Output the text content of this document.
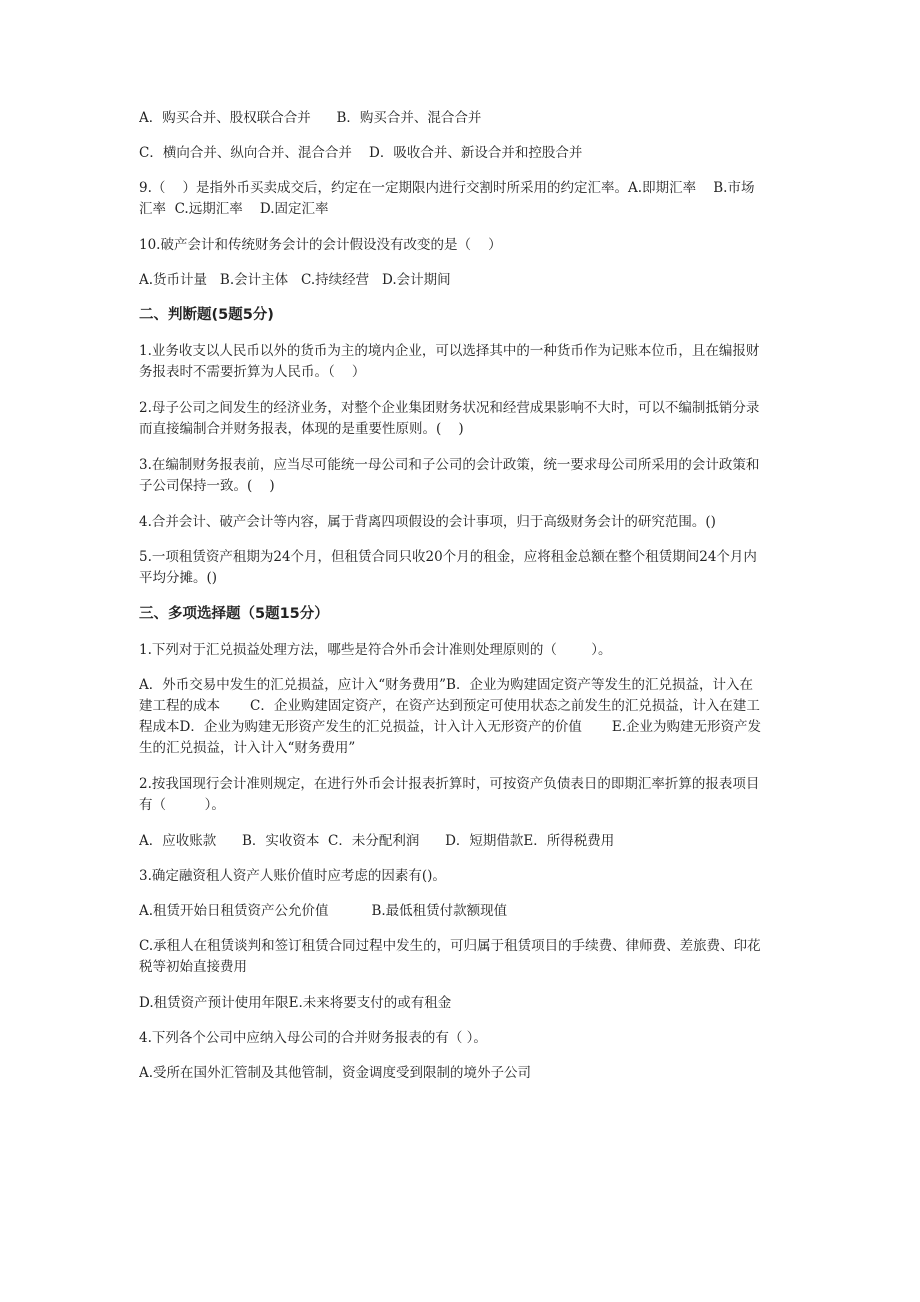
A．购买合并、股权联合合并      B．购买合并、混合合并
C．横向合并、纵向合并、混合合并    D．吸收合并、新设合并和控股合并
9.（    ）是指外币买卖成交后，约定在一定期限内进行交割时所采用的约定汇率。A.即期汇率    B.市场
汇率  C.远期汇率    D.固定汇率
10.破产会计和传统财务会计的会计假设没有改变的是（    ）
A.货币计量   B.会计主体   C.持续经营   D.会计期间
二、判断题(5题5分)
1.业务收支以人民币以外的货币为主的境内企业，可以选择其中的一种货币作为记账本位币，且在编报财
务报表时不需要折算为人民币。（    ）
2.母子公司之间发生的经济业务，对整个企业集团财务状况和经营成果影响不大时，可以不编制抵销分录
而直接编制合并财务报表，体现的是重要性原则。(    )
3.在编制财务报表前，应当尽可能统一母公司和子公司的会计政策，统一要求母公司所采用的会计政策和
子公司保持一致。(    )
4.合并会计、破产会计等内容，属于背离四项假设的会计事项，归于高级财务会计的研究范围。()
5.一项租赁资产租期为24个月，但租赁合同只收20个月的租金，应将租金总额在整个租赁期间24个月内
平均分摊。()
三、多项选择题（5题15分）
1.下列对于汇兑损益处理方法，哪些是符合外币会计准则处理原则的（        ）。
A．外币交易中发生的汇兑损益，应计入“财务费用”B．企业为购建固定资产等发生的汇兑损益，计入在
建工程的成本       C．企业购建固定资产，在资产达到预定可使用状态之前发生的汇兑损益，计入在建工
程成本D．企业为购建无形资产发生的汇兑损益，计入计入无形资产的价值       E.企业为购建无形资产发
生的汇兑损益，计入计入“财务费用”
2.按我国现行会计准则规定，在进行外币会计报表折算时，可按资产负债表日的即期汇率折算的报表项目
有（         ）。
A．应收账款      B．实收资本  C．未分配利润      D．短期借款E．所得税费用
3.确定融资租人资产人账价值时应考虑的因素有()。
A.租赁开始日租赁资产公允价值          B.最低租赁付款额现值
C.承租人在租赁谈判和签订租赁合同过程中发生的，可归属于租赁项目的手续费、律师费、差旅费、印花
税等初始直接费用
D.租赁资产预计使用年限E.未来将要支付的或有租金
4.下列各个公司中应纳入母公司的合并财务报表的有（ ）。
A.受所在国外汇管制及其他管制，资金调度受到限制的境外子公司
